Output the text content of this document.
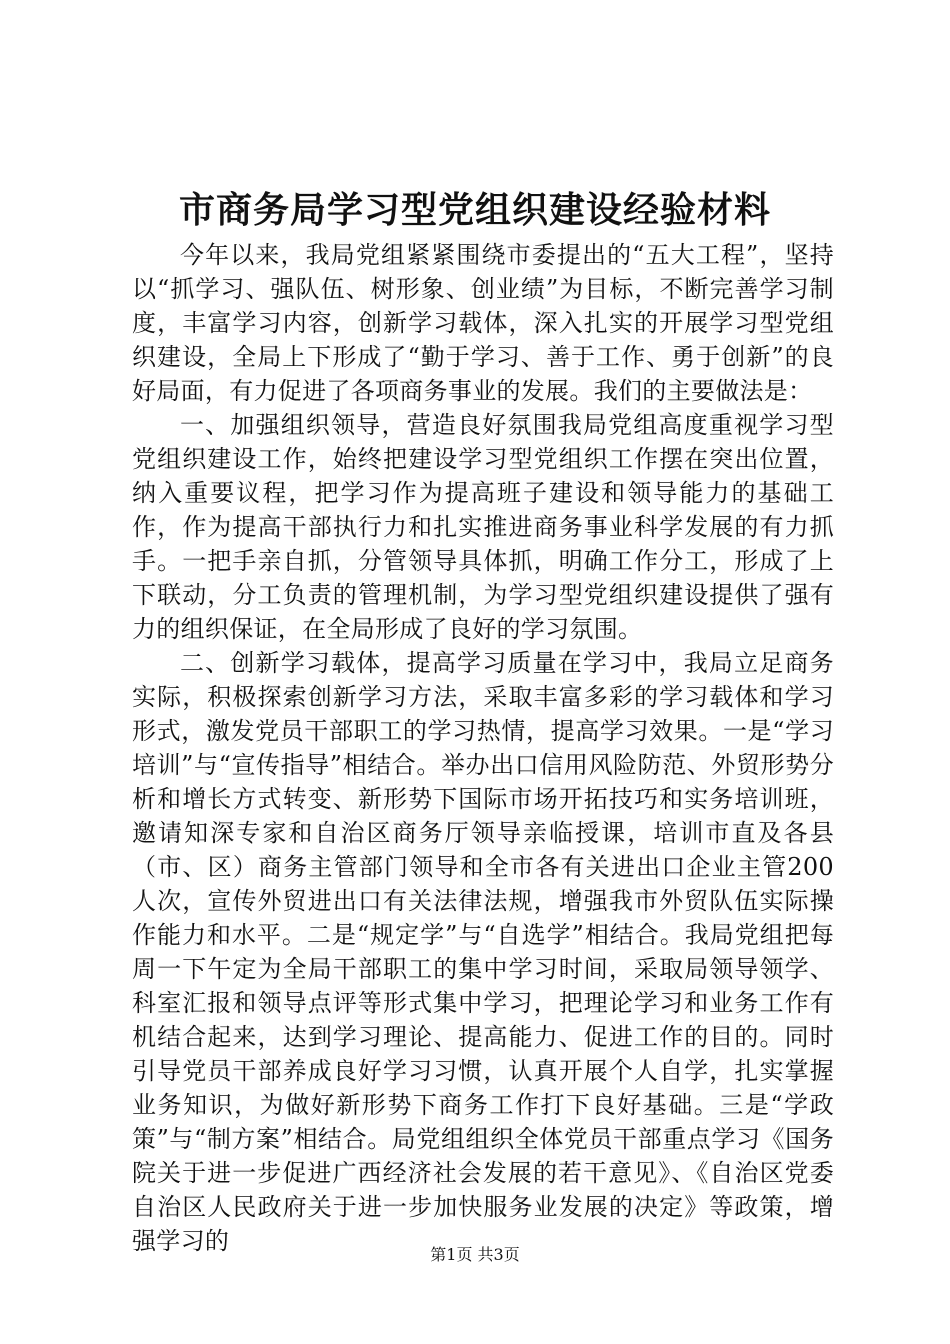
市商务局学习型党组织建设经验材料

今年以来，我局党组紧紧围绕市委提出的“五大工程”，坚持以“抓学习、强队伍、树形象、创业绩”为目标，不断完善学习制度，丰富学习内容，创新学习载体，深入扎实的开展学习型党组织建设，全局上下形成了“勤于学习、善于工作、勇于创新”的良好局面，有力促进了各项商务事业的发展。我们的主要做法是：

一、加强组织领导，营造良好氛围我局党组高度重视学习型党组织建设工作，始终把建设学习型党组织工作摆在突出位置，纳入重要议程，把学习作为提高班子建设和领导能力的基础工作，作为提高干部执行力和扎实推进商务事业科学发展的有力抓手。一把手亲自抓，分管领导具体抓，明确工作分工，形成了上下联动，分工负责的管理机制，为学习型党组织建设提供了强有力的组织保证，在全局形成了良好的学习氛围。

二、创新学习载体，提高学习质量在学习中，我局立足商务实际，积极探索创新学习方法，采取丰富多彩的学习载体和学习形式，激发党员干部职工的学习热情，提高学习效果。一是“学习培训”与“宣传指导”相结合。举办出口信用风险防范、外贸形势分析和增长方式转变、新形势下国际市场开拓技巧和实务培训班，邀请知深专家和自治区商务厅领导亲临授课，培训市直及各县（市、区）商务主管部门领导和全市各有关进出口企业主管200人次，宣传外贸进出口有关法律法规，增强我市外贸队伍实际操作能力和水平。二是“规定学”与“自选学”相结合。我局党组把每周一下午定为全局干部职工的集中学习时间，采取局领导领学、科室汇报和领导点评等形式集中学习，把理论学习和业务工作有机结合起来，达到学习理论、提高能力、促进工作的目的。同时引导党员干部养成良好学习习惯，认真开展个人自学，扎实掌握业务知识，为做好新形势下商务工作打下良好基础。三是“学政策”与“制方案”相结合。局党组组织全体党员干部重点学习《国务院关于进一步促进广西经济社会发展的若干意见》、《自治区党委自治区人民政府关于进一步加快服务业发展的决定》等政策，增强学习的	第1页 共3页
